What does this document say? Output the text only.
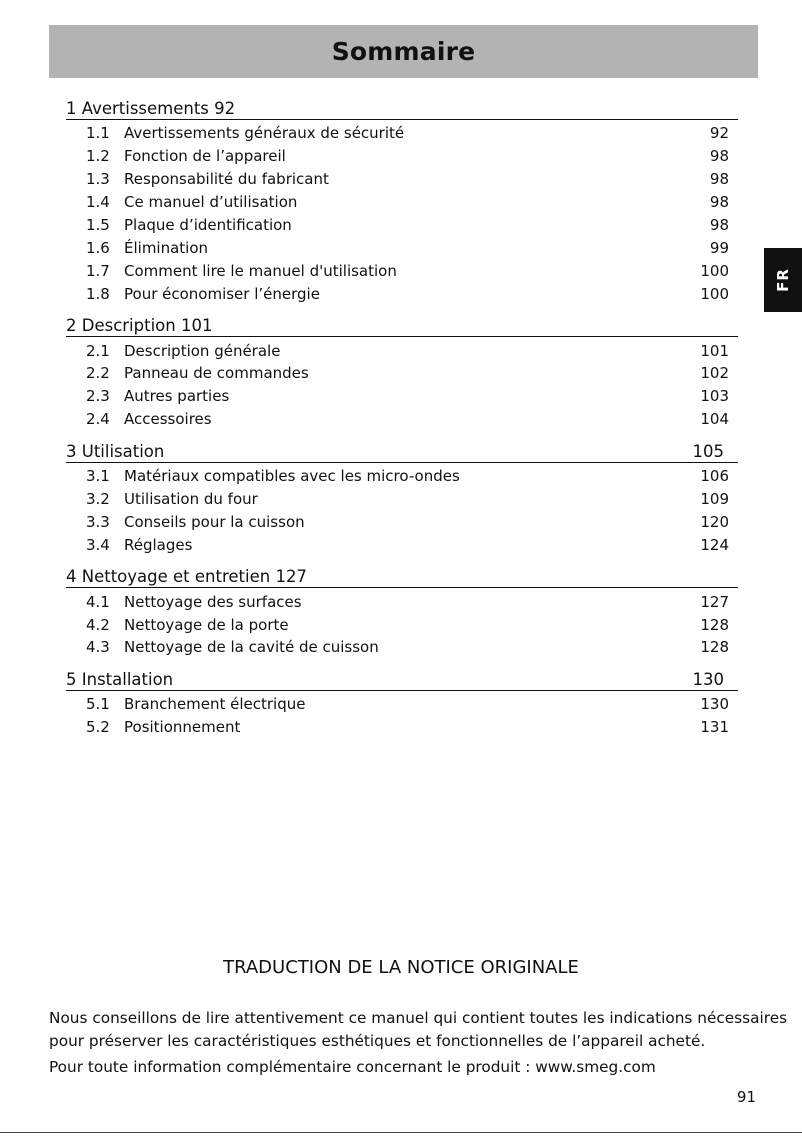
Sommaire
FR
1 Avertissements 92
1.1 Avertissements généraux de sécurité	92
1.2 Fonction de l’appareil	98
1.3 Responsabilité du fabricant	98
1.4 Ce manuel d’utilisation	98
1.5 Plaque d’identification	98
1.6 Élimination	99
1.7 Comment lire le manuel d'utilisation	100
1.8 Pour économiser l’énergie	100
2 Description 101
2.1 Description générale	101
2.2 Panneau de commandes	102
2.3 Autres parties	103
2.4 Accessoires	104
3 Utilisation	105
3.1 Matériaux compatibles avec les micro-ondes	106
3.2 Utilisation du four	109
3.3 Conseils pour la cuisson	120
3.4 Réglages	124
4 Nettoyage et entretien 127
4.1 Nettoyage des surfaces	127
4.2 Nettoyage de la porte	128
4.3 Nettoyage de la cavité de cuisson	128
5 Installation	130
5.1 Branchement électrique	130
5.2 Positionnement	131
TRADUCTION DE LA NOTICE ORIGINALE

Nous conseillons de lire attentivement ce manuel qui contient toutes les indications nécessaires

pour préserver les caractéristiques esthétiques et fonctionnelles de l’appareil acheté.

Pour toute information complémentaire concernant le produit : www.smeg.com

91
